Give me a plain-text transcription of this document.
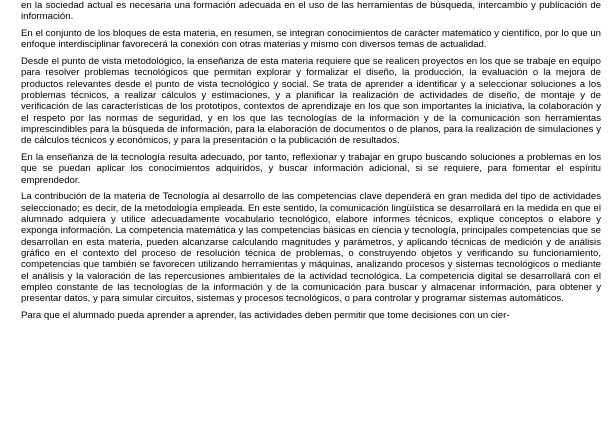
en la sociedad actual es necesaria una formación adecuada en el uso de las herramientas de búsqueda, intercambio y publicación de información.

En el conjunto de los bloques de esta materia, en resumen, se integran conocimientos de carácter matemático y científico, por lo que un enfoque interdisciplinar favorecerá la conexión con otras materias y mismo con diversos temas de actualidad.

Desde el punto de vista metodológico, la enseñanza de esta materia requiere que se realicen proyectos en los que se trabaje en equipo para resolver problemas tecnológicos que permitan explorar y formalizar el diseño, la producción, la evaluación o la mejora de productos relevantes desde el punto de vista tecnológico y social. Se trata de aprender a identificar y a seleccionar soluciones a los problemas técnicos, a realizar cálculos y estimaciones, y a planificar la realización de actividades de diseño, de montaje y de verificación de las características de los prototipos, contextos de aprendizaje en los que son importantes la iniciativa, la colaboración y el respeto por las normas de seguridad, y en los que las tecnologías de la información y de la comunicación son herramientas imprescindibles para la búsqueda de información, para la elaboración de documentos o de planos, para la realización de simulaciones y de cálculos técnicos y económicos, y para la presentación o la publicación de resultados.

En la enseñanza de la tecnología resulta adecuado, por tanto, reflexionar y trabajar en grupo buscando soluciones a problemas en los que se puedan aplicar los conocimientos adquiridos, y buscar información adicional, si se requiere, para fomentar el espíritu emprendedor.

La contribución de la materia de Tecnología al desarrollo de las competencias clave dependerá en gran medida del tipo de actividades seleccionado; es decir, de la metodología empleada. En este sentido, la comunicación lingüística se desarrollará en la medida en que el alumnado adquiera y utilice adecuadamente vocabulario tecnológico, elabore informes técnicos, explique conceptos o elabore y exponga información. La competencia matemática y las competencias básicas en ciencia y tecnología, principales competencias que se desarrollan en esta materia, pueden alcanzarse calculando magnitudes y parámetros, y aplicando técnicas de medición y de análisis gráfico en el contexto del proceso de resolución técnica de problemas, o construyendo objetos y verificando su funcionamiento, competencias que también se favorecen utilizando herramientas y máquinas, analizando procesos y sistemas tecnológicos o mediante el análisis y la valoración de las repercusiones ambientales de la actividad tecnológica. La competencia digital se desarrollará con el empleo constante de las tecnologías de la información y de la comunicación para buscar y almacenar información, para obtener y presentar datos, y para simular circuitos, sistemas y procesos tecnológicos, o para controlar y programar sistemas automáticos.

Para que el alumnado pueda aprender a aprender, las actividades deben permitir que tome decisiones con un cier-
